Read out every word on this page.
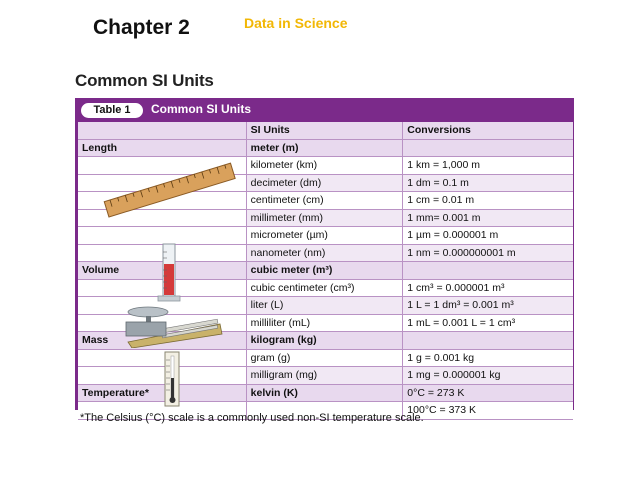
Chapter 2	Data in Science
Common SI Units
Table 1	Common SI Units
	SI Units	Conversions
Length	meter (m)	
	kilometer (km)	1 km = 1,000 m
	decimeter (dm)	1 dm = 0.1 m
	centimeter (cm)	1 cm = 0.01 m
	millimeter (mm)	1 mm= 0.001 m
	micrometer (µm)	1 µm = 0.000001 m
	nanometer (nm)	1 nm = 0.000000001 m
Volume	cubic meter (m³)	
	cubic centimeter (cm³)	1 cm³ = 0.000001 m³
	liter (L)	1 L = 1 dm³ = 0.001 m³
	milliliter (mL)	1 mL = 0.001 L = 1 cm³
Mass	kilogram (kg)	
	gram (g)	1 g = 0.001 kg
	milligram (mg)	1 mg = 0.000001 kg
Temperature*	kelvin (K)	0°C = 273 K
		100°C = 373 K
*The Celsius (°C) scale is a commonly used non-SI temperature scale.
